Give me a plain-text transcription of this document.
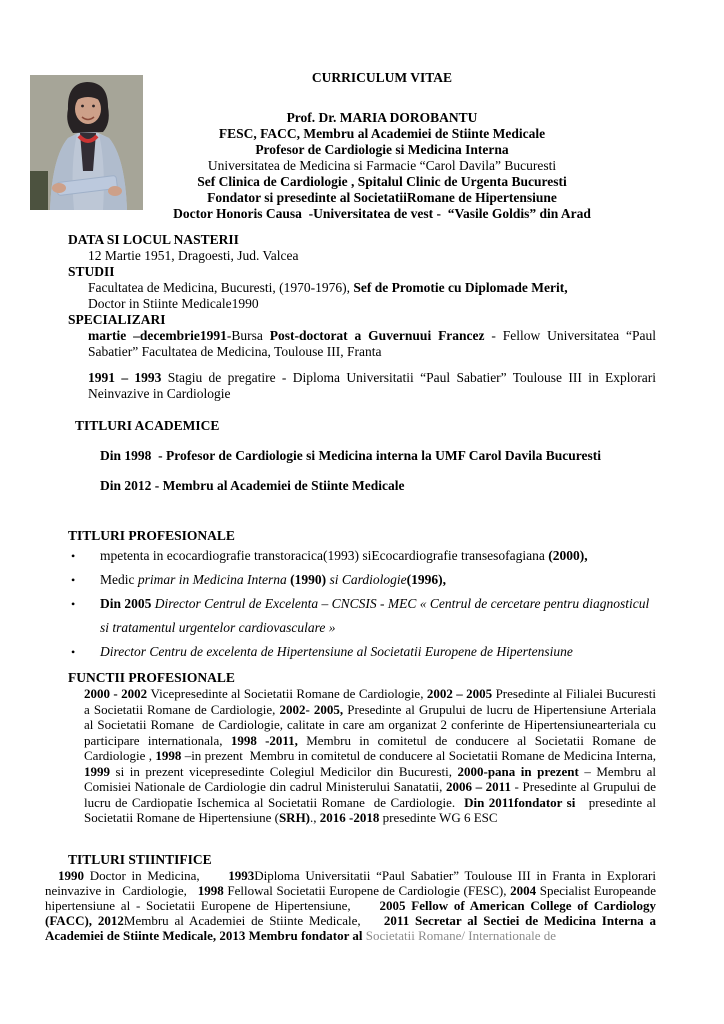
CURRICULUM VITAE
Prof. Dr. MARIA DOROBANTU
FESC, FACC, Membru al Academiei de Stiinte Medicale
Profesor de Cardiologie si Medicina Interna
Universitatea de Medicina si Farmacie “Carol Davila” Bucuresti
Sef Clinica de Cardiologie , Spitalul Clinic de Urgenta Bucuresti
Fondator si presedinte al SocietatiiRomane de Hipertensiune
Doctor Honoris Causa  -Universitatea de vest -  “Vasile Goldis” din Arad
DATA SI LOCUL NASTERII

12 Martie 1951, Dragoesti, Jud. Valcea

STUDII

Facultatea de Medicina, Bucuresti, (1970-1976), Sef de Promotie cu Diplomade Merit,

Doctor in Stiinte Medicale1990

SPECIALIZARI

martie –decembrie1991-Bursa Post-doctorat a Guvernuui Francez - Fellow Universitatea “Paul Sabatier” Facultatea de Medicina, Toulouse III, Franta

1991 – 1993 Stagiu de pregatire - Diploma Universitatii “Paul Sabatier” Toulouse III in Explorari Neinvazive in Cardiologie

TITLURI ACADEMICE

Din 1998  - Profesor de Cardiologie si Medicina interna la UMF Carol Davila Bucuresti

Din 2012 - Membru al Academiei de Stiinte Medicale

TITLURI PROFESIONALE
•	mpetenta in ecocardiografie transtoracica(1993) siEcocardiografie transesofagiana (2000),
•	Medic primar in Medicina Interna (1990) si Cardiologie(1996),
•	Din 2005 Director Centrul de Excelenta – CNCSIS - MEC « Centrul de cercetare pentru diagnosticul si tratamentul urgentelor cardiovasculare »
•	Director Centru de excelenta de Hipertensiune al Societatii Europene de Hipertensiune
FUNCTII PROFESIONALE

2000 - 2002 Vicepresedinte al Societatii Romane de Cardiologie, 2002 – 2005 Presedinte al Filialei Bucuresti a Societatii Romane de Cardiologie, 2002- 2005, Presedinte al Grupului de lucru de Hipertensiune Arteriala al Societatii Romane  de Cardiologie, calitate in care am organizat 2 conferinte de Hipertensiunearteriala cu participare internationala, 1998 -2011, Membru in comitetul de conducere al Societatii Romane de Cardiologie , 1998 –in prezent  Membru in comitetul de conducere al Societatii Romane de Medicina Interna, 1999 si in prezent vicepresedinte Colegiul Medicilor din Bucuresti, 2000-pana in prezent – Membru al Comisiei Nationale de Cardiologie din cadrul Ministerului Sanatatii, 2006 – 2011 - Presedinte al Grupului de lucru de Cardiopatie Ischemica al Societatii Romane  de Cardiologie.  Din 2011fondator si   presedinte al Societatii Romane de Hipertensiune (SRH)., 2016 -2018 presedinte WG 6 ESC

TITLURI STIINTIFICE

1990 Doctor in Medicina,     1993Diploma Universitatii “Paul Sabatier” Toulouse III in Franta in Explorari neinvazive in  Cardiologie,   1998 Fellowal Societatii Europene de Cardiologie (FESC), 2004 Specialist Europeande hipertensiune al - Societatii Europene de Hipertensiune,     2005 Fellow of American College of Cardiology (FACC), 2012Membru al Academiei de Stiinte Medicale,    2011 Secretar al Sectiei de Medicina Interna a Academiei de Stiinte Medicale, 2013 Membru fondator al Societatii Romane/ Internationale de
